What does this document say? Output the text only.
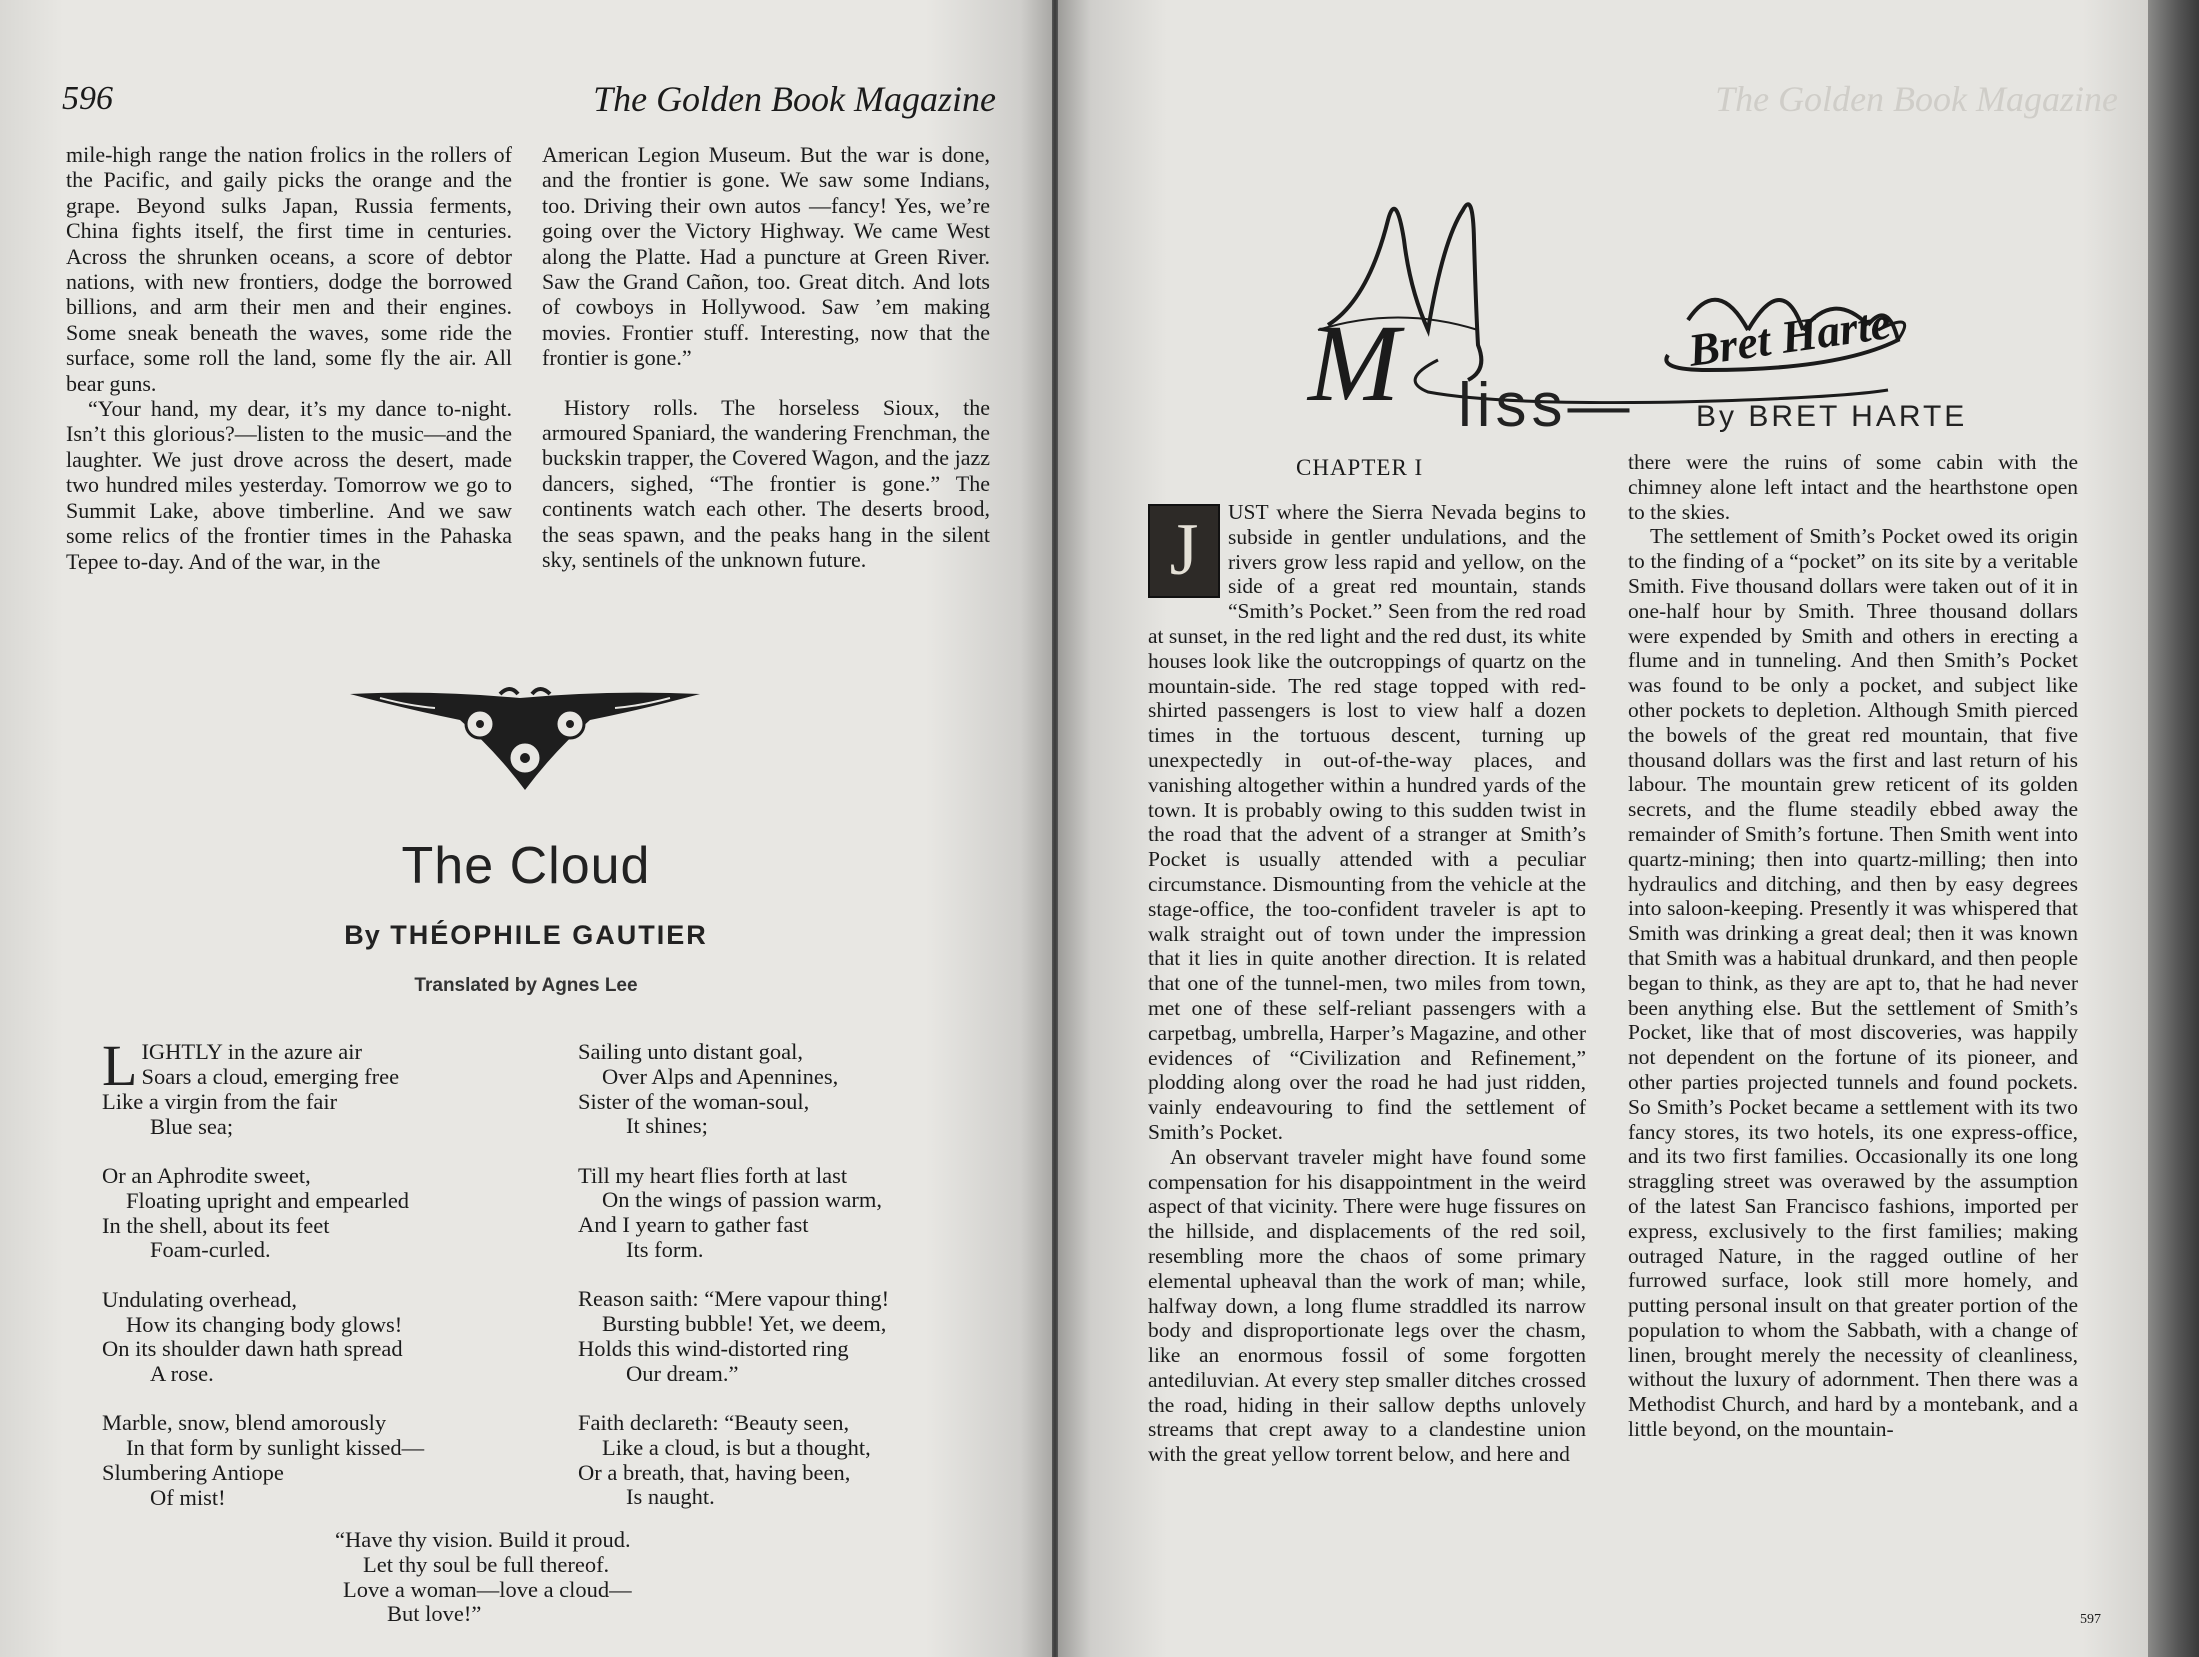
596	The Golden Book Magazine

mile-high range the nation frolics in the rollers of the Pacific, and gaily picks the orange and the grape. Beyond sulks Japan, Russia ferments, China fights itself, the first time in centuries. Across the shrunken oceans, a score of debtor nations, with new frontiers, dodge the borrowed billions, and arm their men and their engines. Some sneak beneath the waves, some ride the surface, some roll the land, some fly the air. All bear guns.

“Your hand, my dear, it’s my dance to-night. Isn’t this glorious?—listen to the music—and the laughter. We just drove across the desert, made two hundred miles yesterday. Tomorrow we go to Summit Lake, above timberline. And we saw some relics of the frontier times in the Pahaska Tepee to-day. And of the war, in the

American Legion Museum. But the war is done, and the frontier is gone. We saw some Indians, too. Driving their own autos —fancy! Yes, we’re going over the Victory Highway. We came West along the Platte. Had a puncture at Green River. Saw the Grand Cañon, too. Great ditch. And lots of cowboys in Hollywood. Saw ’em making movies. Frontier stuff. Interesting, now that the frontier is gone.”

History rolls. The horseless Sioux, the armoured Spaniard, the wandering Frenchman, the buckskin trapper, the Covered Wagon, and the jazz dancers, sighed, “The frontier is gone.” The continents watch each other. The deserts brood, the seas spawn, and the peaks hang in the silent sky, sentinels of the unknown future.

The Cloud
By THÉOPHILE GAUTIER
Translated by Agnes Lee
L IGHTLY in the azure air
Soars a cloud, emerging free
Like a virgin from the fair
Blue sea;
Or an Aphrodite sweet,
Floating upright and empearled
In the shell, about its feet
Foam-curled.
Undulating overhead,
How its changing body glows!
On its shoulder dawn hath spread
A rose.
Marble, snow, blend amorously
In that form by sunlight kissed—
Slumbering Antiope
Of mist!
Sailing unto distant goal,
Over Alps and Apennines,
Sister of the woman-soul,
It shines;
Till my heart flies forth at last
On the wings of passion warm,
And I yearn to gather fast
Its form.
Reason saith: “Mere vapour thing!
Bursting bubble! Yet, we deem,
Holds this wind-distorted ring
Our dream.”
Faith declareth: “Beauty seen,
Like a cloud, is but a thought,
Or a breath, that, having been,
Is naught.
“Have thy vision. Build it proud.
Let thy soul be full thereof.
Love a woman—love a cloud—
But love!”
The Golden Book Magazine
M liss— By BRET HARTE
Bret Harte
CHAPTER I
J	UST where the Sierra Nevada begins to subside in gentler undulations, and the rivers grow less rapid and yellow, on the side of a great red mountain, stands “Smith’s Pocket.” Seen from the red road at sunset, in the red light and the red dust, its white houses look like the outcroppings of quartz on the mountain-side. The red stage topped with red-shirted passengers is lost to view half a dozen times in the tortuous descent, turning up unexpectedly in out-of-the-way places, and vanishing altogether within a hundred yards of the town. It is probably owing to this sudden twist in the road that the advent of a stranger at Smith’s Pocket is usually attended with a peculiar circumstance. Dismounting from the vehicle at the stage-office, the too-confident traveler is apt to walk straight out of town under the impression that it lies in quite another direction. It is related that one of the tunnel-men, two miles from town, met one of these self-reliant passengers with a carpetbag, umbrella, Harper’s Magazine, and other evidences of “Civilization and Refinement,” plodding along over the road he had just ridden, vainly endeavouring to find the settlement of Smith’s Pocket.

An observant traveler might have found some compensation for his disappointment in the weird aspect of that vicinity. There were huge fissures on the hillside, and displacements of the red soil, resembling more the chaos of some primary elemental upheaval than the work of man; while, halfway down, a long flume straddled its narrow body and disproportionate legs over the chasm, like an enormous fossil of some forgotten antediluvian. At every step smaller ditches crossed the road, hiding in their sallow depths unlovely streams that crept away to a clandestine union with the great yellow torrent below, and here and

there were the ruins of some cabin with the chimney alone left intact and the hearthstone open to the skies.

The settlement of Smith’s Pocket owed its origin to the finding of a “pocket” on its site by a veritable Smith. Five thousand dollars were taken out of it in one-half hour by Smith. Three thousand dollars were expended by Smith and others in erecting a flume and in tunneling. And then Smith’s Pocket was found to be only a pocket, and subject like other pockets to depletion. Although Smith pierced the bowels of the great red mountain, that five thousand dollars was the first and last return of his labour. The mountain grew reticent of its golden secrets, and the flume steadily ebbed away the remainder of Smith’s fortune. Then Smith went into quartz-mining; then into quartz-milling; then into hydraulics and ditching, and then by easy degrees into saloon-keeping. Presently it was whispered that Smith was drinking a great deal; then it was known that Smith was a habitual drunkard, and then people began to think, as they are apt to, that he had never been anything else. But the settlement of Smith’s Pocket, like that of most discoveries, was happily not dependent on the fortune of its pioneer, and other parties projected tunnels and found pockets. So Smith’s Pocket became a settlement with its two fancy stores, its two hotels, its one express-office, and its two first families. Occasionally its one long straggling street was overawed by the assumption of the latest San Francisco fashions, imported per express, exclusively to the first families; making outraged Nature, in the ragged outline of her furrowed surface, look still more homely, and putting personal insult on that greater portion of the population to whom the Sabbath, with a change of linen, brought merely the necessity of cleanliness, without the luxury of adornment. Then there was a Methodist Church, and hard by a montebank, and a little beyond, on the mountain-

597
